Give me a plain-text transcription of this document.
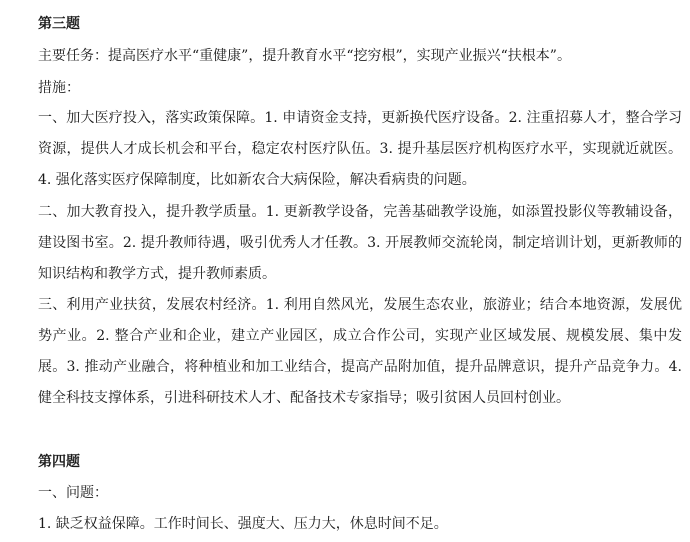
第三题
主要任务：提高医疗水平“重健康”，提升教育水平“挖穷根”，实现产业振兴“扶根本”。
措施：
一、加大医疗投入，落实政策保障。1. 申请资金支持，更新换代医疗设备。2. 注重招募人才，整合学习资源，提供人才成长机会和平台，稳定农村医疗队伍。3. 提升基层医疗机构医疗水平，实现就近就医。4. 强化落实医疗保障制度，比如新农合大病保险，解决看病贵的问题。
二、加大教育投入，提升教学质量。1. 更新教学设备，完善基础教学设施，如添置投影仪等教辅设备，建设图书室。2. 提升教师待遇，吸引优秀人才任教。3. 开展教师交流轮岗，制定培训计划，更新教师的知识结构和教学方式，提升教师素质。
三、利用产业扶贫，发展农村经济。1. 利用自然风光，发展生态农业，旅游业；结合本地资源，发展优势产业。2. 整合产业和企业，建立产业园区，成立合作公司，实现产业区域发展、规模发展、集中发展。3. 推动产业融合，将种植业和加工业结合，提高产品附加值，提升品牌意识，提升产品竞争力。4. 健全科技支撑体系，引进科研技术人才、配备技术专家指导；吸引贫困人员回村创业。
第四题
一、问题：
1. 缺乏权益保障。工作时间长、强度大、压力大，休息时间不足。
